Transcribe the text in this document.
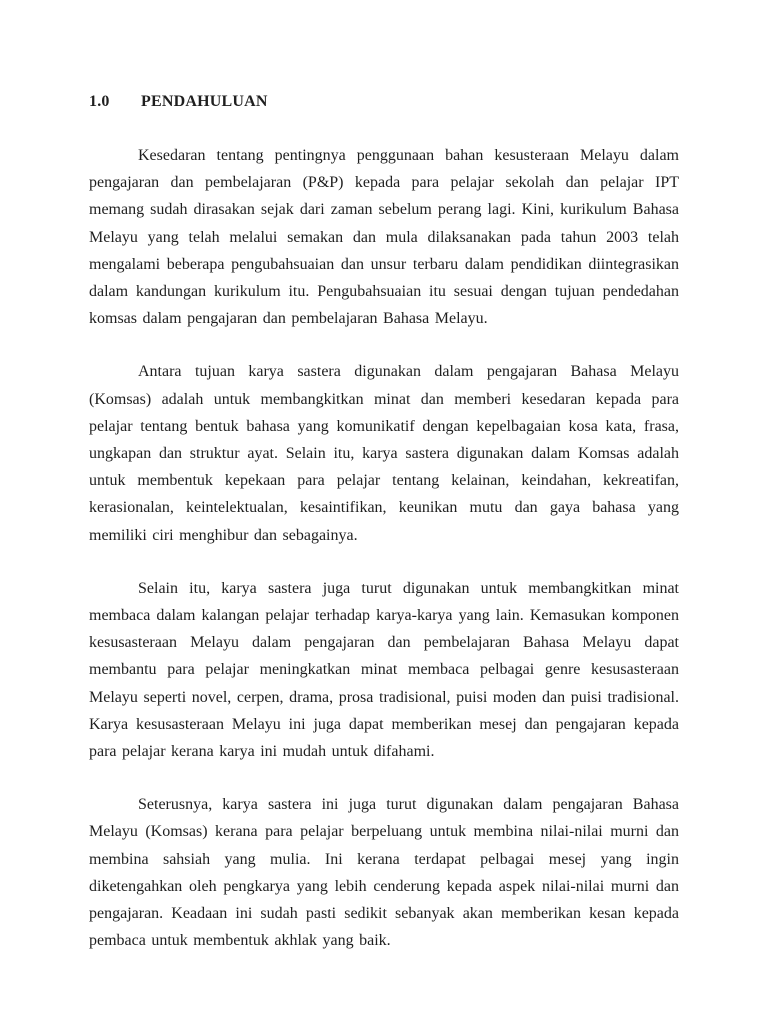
1.0	PENDAHULUAN

Kesedaran tentang pentingnya penggunaan bahan kesusteraan Melayu dalam pengajaran dan pembelajaran (P&P) kepada para pelajar sekolah dan pelajar IPT memang sudah dirasakan sejak dari zaman sebelum perang lagi. Kini, kurikulum Bahasa Melayu yang telah melalui semakan dan mula dilaksanakan pada tahun 2003 telah mengalami beberapa pengubahsuaian dan unsur terbaru dalam pendidikan diintegrasikan dalam kandungan kurikulum itu. Pengubahsuaian itu sesuai dengan tujuan pendedahan komsas dalam pengajaran dan pembelajaran Bahasa Melayu.

Antara tujuan karya sastera digunakan dalam pengajaran Bahasa Melayu (Komsas) adalah untuk membangkitkan minat dan memberi kesedaran kepada para pelajar tentang bentuk bahasa yang komunikatif dengan kepelbagaian kosa kata, frasa, ungkapan dan struktur ayat. Selain itu, karya sastera digunakan dalam Komsas adalah untuk membentuk kepekaan para pelajar tentang kelainan, keindahan, kekreatifan, kerasionalan, keintelektualan, kesaintifikan, keunikan mutu dan gaya bahasa yang memiliki ciri menghibur dan sebagainya.

Selain itu, karya sastera juga turut digunakan untuk membangkitkan minat membaca dalam kalangan pelajar terhadap karya-karya yang lain. Kemasukan komponen kesusasteraan Melayu dalam pengajaran dan pembelajaran Bahasa Melayu dapat membantu para pelajar meningkatkan minat membaca pelbagai genre kesusasteraan Melayu seperti novel, cerpen, drama, prosa tradisional, puisi moden dan puisi tradisional. Karya kesusasteraan Melayu ini juga dapat memberikan mesej dan pengajaran kepada para pelajar kerana karya ini mudah untuk difahami.

Seterusnya, karya sastera ini juga turut digunakan dalam pengajaran Bahasa Melayu (Komsas) kerana para pelajar berpeluang untuk membina nilai-nilai murni dan membina sahsiah yang mulia. Ini kerana terdapat pelbagai mesej yang ingin diketengahkan oleh pengkarya yang lebih cenderung kepada aspek nilai-nilai murni dan pengajaran. Keadaan ini sudah pasti sedikit sebanyak akan memberikan kesan kepada pembaca untuk membentuk akhlak yang baik.
